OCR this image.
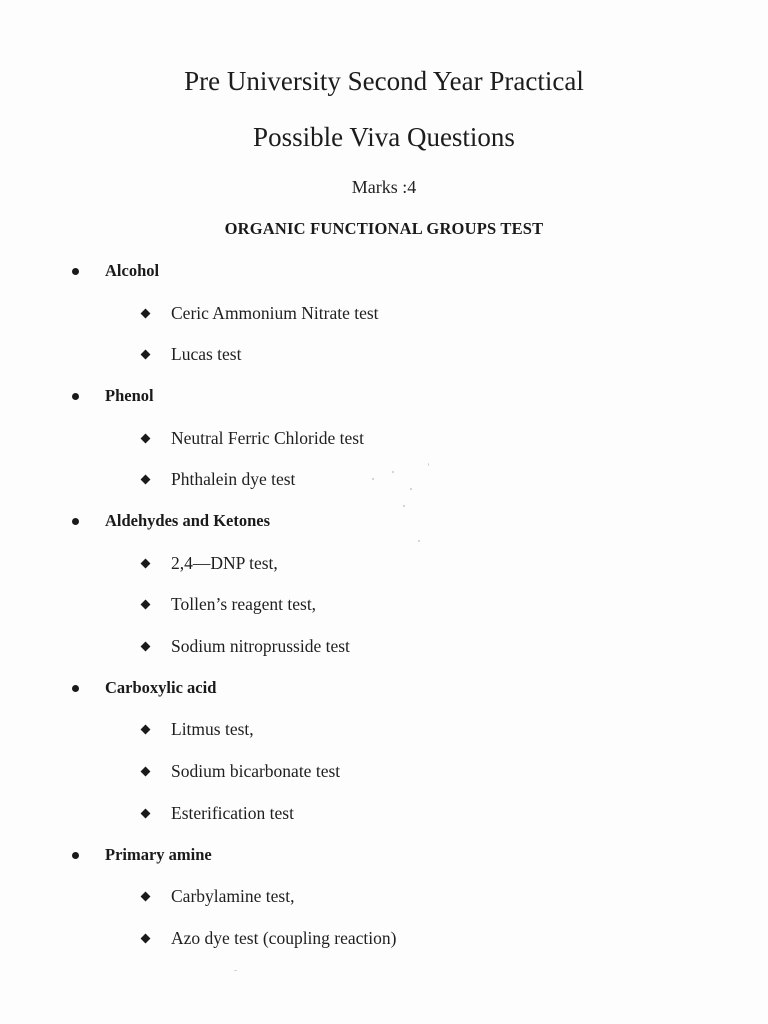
Pre University Second Year Practical
Possible Viva Questions
Marks :4
ORGANIC FUNCTIONAL GROUPS TEST
Alcohol
Ceric Ammonium Nitrate test
Lucas test
Phenol
Neutral Ferric Chloride test
Phthalein dye test
Aldehydes and Ketones
2,4—DNP test,
Tollen’s reagent test,
Sodium nitroprusside test
Carboxylic acid
Litmus test,
Sodium bicarbonate test
Esterification test
Primary amine
Carbylamine test,
Azo dye test (coupling reaction)
